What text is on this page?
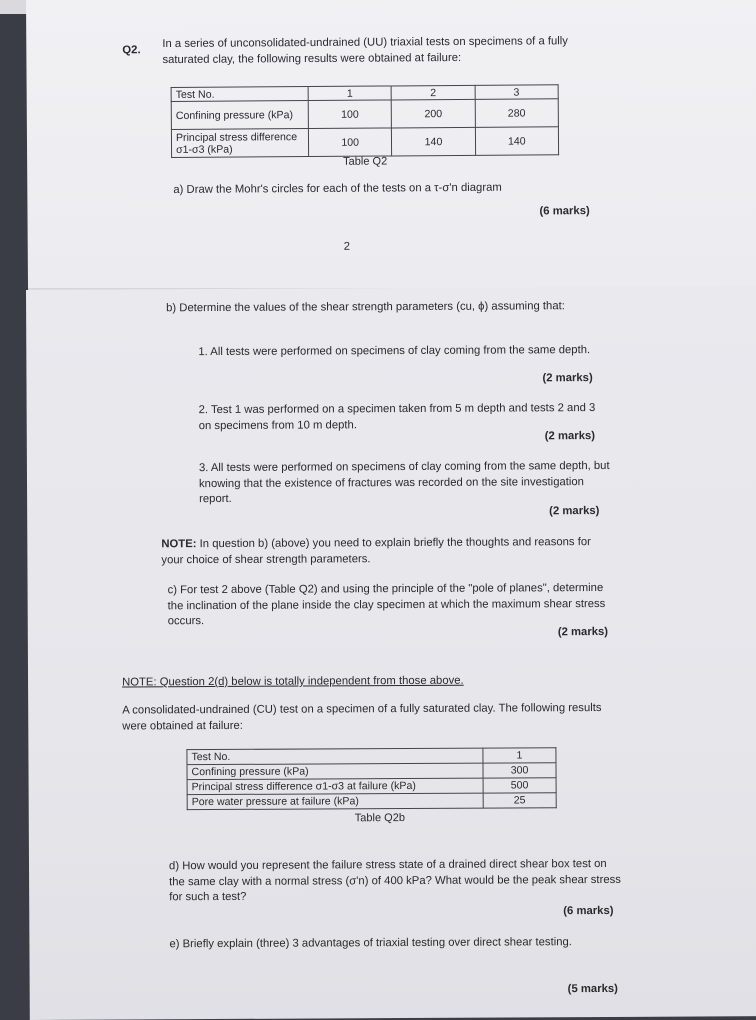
Q2.
In a series of unconsolidated-undrained (UU) triaxial tests on specimens of a fully saturated clay, the following results were obtained at failure:
Test No.	1	2	3
Confining pressure (kPa)	100	200	280
Principal stress difference σ1-σ3 (kPa)	100	140	140
Table Q2
a) Draw the Mohr's circles for each of the tests on a τ-σ'n diagram
(6 marks)
2
b) Determine the values of the shear strength parameters (cu, ϕ) assuming that:
1. All tests were performed on specimens of clay coming from the same depth.
(2 marks)
2. Test 1 was performed on a specimen taken from 5 m depth and tests 2 and 3 on specimens from 10 m depth.
(2 marks)
3. All tests were performed on specimens of clay coming from the same depth, but knowing that the existence of fractures was recorded on the site investigation report.
(2 marks)
NOTE: In question b) (above) you need to explain briefly the thoughts and reasons for your choice of shear strength parameters.
c) For test 2 above (Table Q2) and using the principle of the "pole of planes", determine the inclination of the plane inside the clay specimen at which the maximum shear stress occurs.
(2 marks)
NOTE: Question 2(d) below is totally independent from those above.
A consolidated-undrained (CU) test on a specimen of a fully saturated clay. The following results were obtained at failure:
Test No.	1
Confining pressure (kPa)	300
Principal stress difference σ1-σ3 at failure (kPa)	500
Pore water pressure at failure (kPa)	25
Table Q2b
d) How would you represent the failure stress state of a drained direct shear box test on the same clay with a normal stress (σ'n) of 400 kPa? What would be the peak shear stress for such a test?
(6 marks)
e) Briefly explain (three) 3 advantages of triaxial testing over direct shear testing.
(5 marks)
